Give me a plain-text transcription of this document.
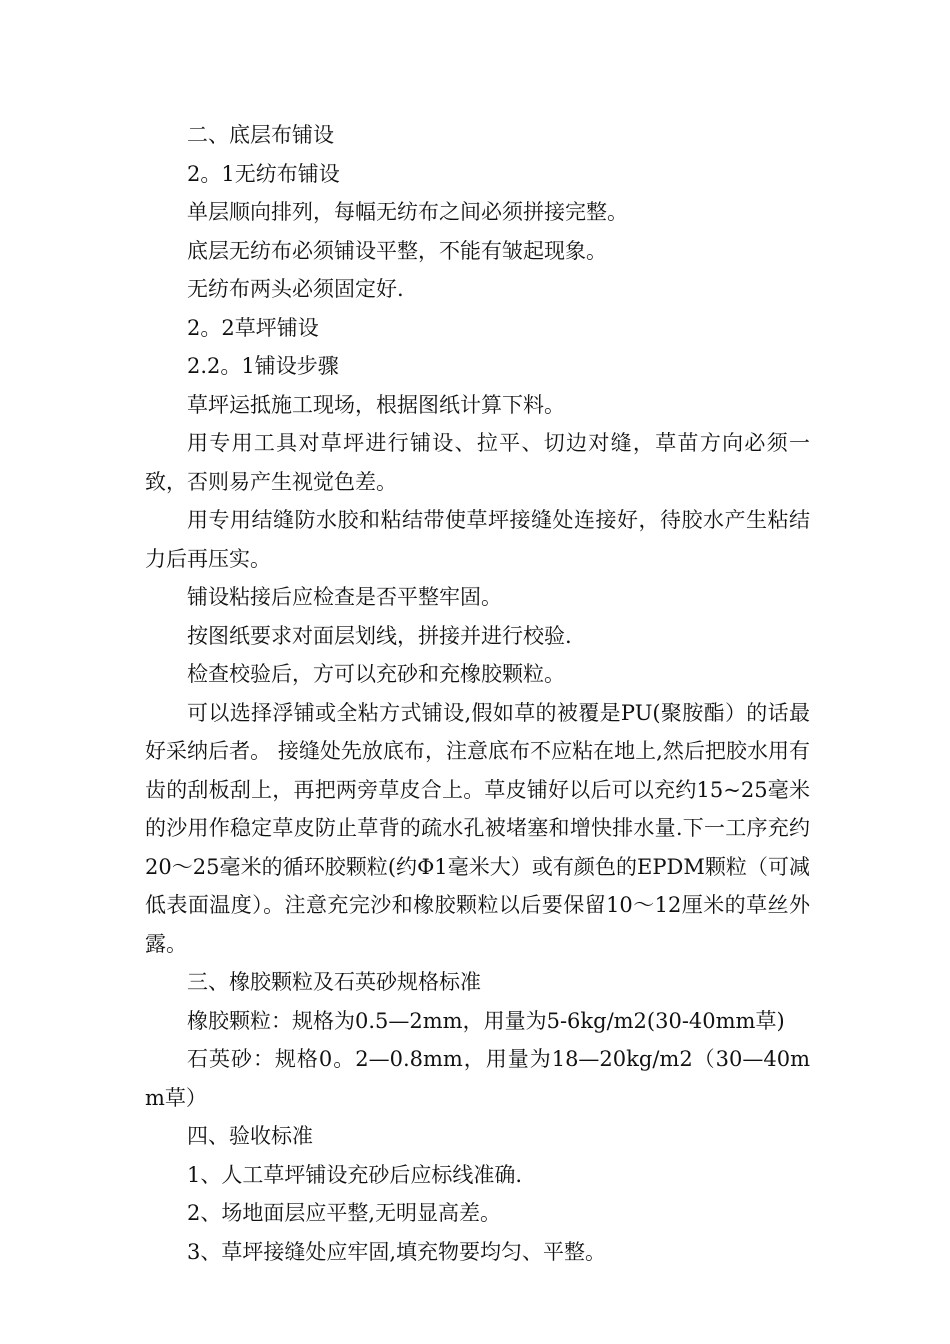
二、底层布铺设

2。1无纺布铺设

单层顺向排列，每幅无纺布之间必须拼接完整。

底层无纺布必须铺设平整，不能有皱起现象。

无纺布两头必须固定好.

2。2草坪铺设

2.2。1铺设步骤

草坪运抵施工现场，根据图纸计算下料。

用专用工具对草坪进行铺设、拉平、切边对缝，草苗方向必须一致，否则易产生视觉色差。

用专用结缝防水胶和粘结带使草坪接缝处连接好，待胶水产生粘结力后再压实。

铺设粘接后应检查是否平整牢固。

按图纸要求对面层划线，拼接并进行校验.

检查校验后，方可以充砂和充橡胶颗粒。

可以选择浮铺或全粘方式铺设,假如草的被覆是PU(聚胺酯）的话最好采纳后者。 接缝处先放底布，注意底布不应粘在地上,然后把胶水用有齿的刮板刮上，再把两旁草皮合上。草皮铺好以后可以充约15~25毫米的沙用作稳定草皮防止草背的疏水孔被堵塞和增快排水量.下一工序充约20～25毫米的循环胶颗粒(约Φ1毫米大）或有颜色的EPDM颗粒（可减低表面温度）。注意充完沙和橡胶颗粒以后要保留10～12厘米的草丝外露。

三、橡胶颗粒及石英砂规格标准

橡胶颗粒：规格为0.5—2mm，用量为5-6kg/m2(30-40mm草)

石英砂：规格0。2—0.8mm，用量为18—20kg/m2（30—40mm草）

四、验收标准

1、人工草坪铺设充砂后应标线准确.

2、场地面层应平整,无明显高差。

3、草坪接缝处应牢固,填充物要均匀、平整。
